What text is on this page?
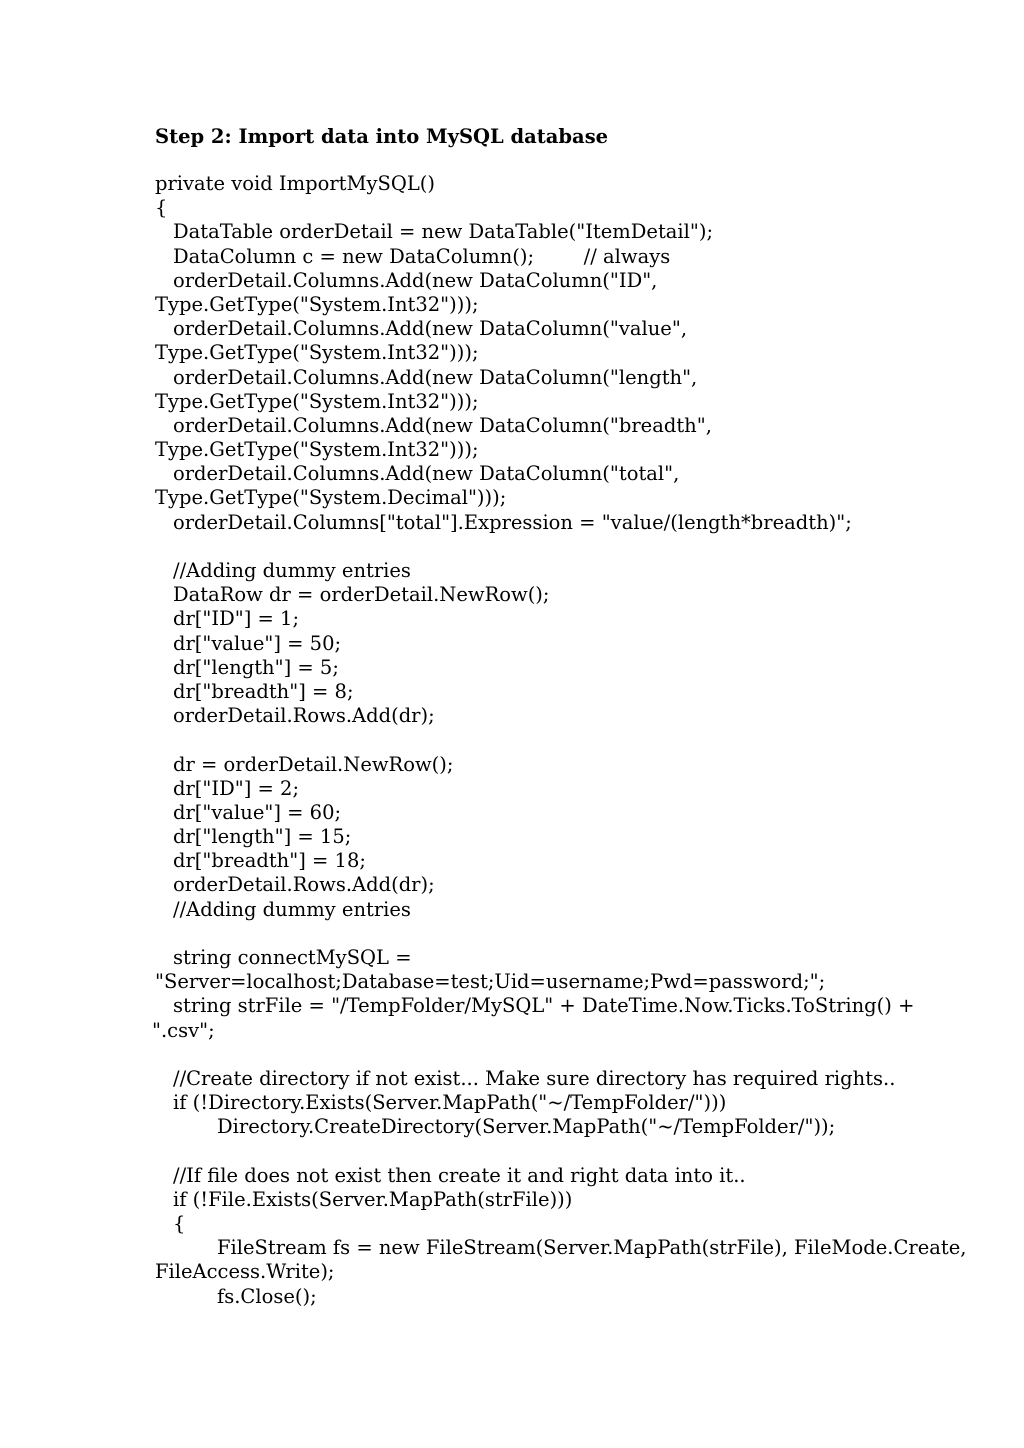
Step 2: Import data into MySQL database
private void ImportMySQL()
{
DataTable orderDetail = new DataTable("ItemDetail");
DataColumn c = new DataColumn();        // always
orderDetail.Columns.Add(new DataColumn("ID",
Type.GetType("System.Int32")));
orderDetail.Columns.Add(new DataColumn("value",
Type.GetType("System.Int32")));
orderDetail.Columns.Add(new DataColumn("length",
Type.GetType("System.Int32")));
orderDetail.Columns.Add(new DataColumn("breadth",
Type.GetType("System.Int32")));
orderDetail.Columns.Add(new DataColumn("total",
Type.GetType("System.Decimal")));
orderDetail.Columns["total"].Expression = "value/(length*breadth)";
//Adding dummy entries
DataRow dr = orderDetail.NewRow();
dr["ID"] = 1;
dr["value"] = 50;
dr["length"] = 5;
dr["breadth"] = 8;
orderDetail.Rows.Add(dr);
dr = orderDetail.NewRow();
dr["ID"] = 2;
dr["value"] = 60;
dr["length"] = 15;
dr["breadth"] = 18;
orderDetail.Rows.Add(dr);
//Adding dummy entries
string connectMySQL =
"Server=localhost;Database=test;Uid=username;Pwd=password;";
string strFile = "/TempFolder/MySQL" + DateTime.Now.Ticks.ToString() +
".csv";
//Create directory if not exist... Make sure directory has required rights..
if (!Directory.Exists(Server.MapPath("~/TempFolder/")))
Directory.CreateDirectory(Server.MapPath("~/TempFolder/"));
//If file does not exist then create it and right data into it..
if (!File.Exists(Server.MapPath(strFile)))
{
FileStream fs = new FileStream(Server.MapPath(strFile), FileMode.Create,
FileAccess.Write);
fs.Close();
